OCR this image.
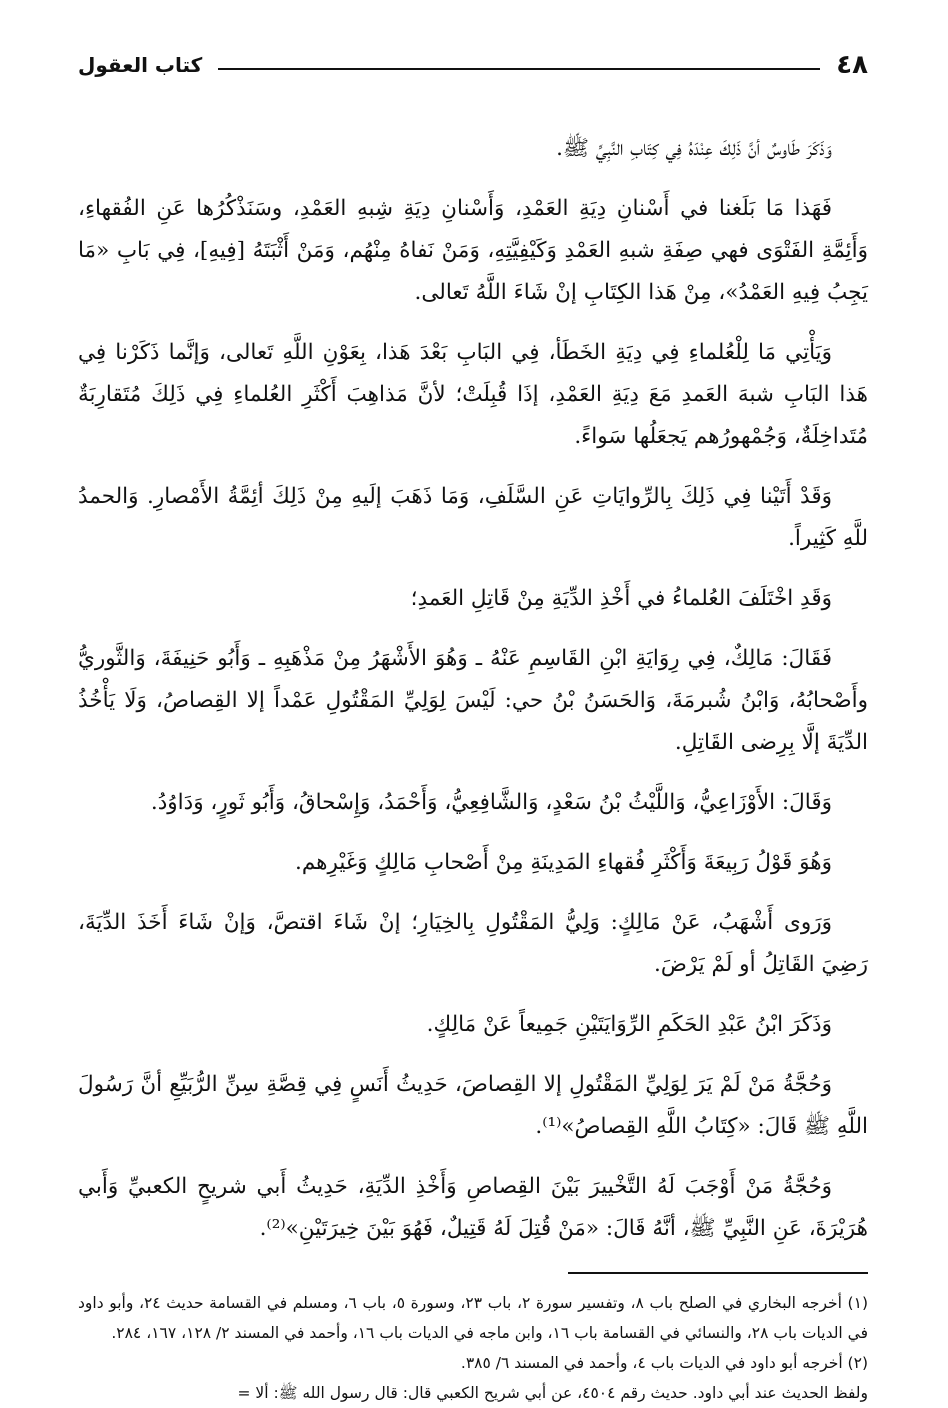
٤٨
كتاب العقول

وَذَكَرَ طَاوسٌ أنَّ ذَلِكَ عِنْدَهُ فِي كِتَابِ النَّبِيِّ ﷺ.

فَهَذا مَا بَلَغنا في أَسْنانِ دِيَةِ العَمْدِ، وَأَسْنانِ دِيَةِ شِبهِ العَمْدِ، وسَنَذْكُرُها عَنِ الفُقهاءِ، وَأَئِمَّةِ الفَتْوَى فهي صِفَةِ شبهِ العَمْدِ وَكَيْفِيَّتِهِ، وَمَنْ نَفاهُ مِنْهُم، وَمَنْ أَثْبَتَهُ [فِيهِ]، فِي بَابِ «مَا يَجِبُ فِيهِ العَمْدُ»، مِنْ هَذا الكِتَابِ إنْ شَاءَ اللَّهُ تَعالى.

وَيَأْتِي مَا لِلْعُلماءِ فِي دِيَةِ الخَطَأ، فِي البَابِ بَعْدَ هَذا، بِعَوْنِ اللَّهِ تَعالى، وَإنَّما ذَكَرْنا فِي هَذا البَابِ شبهَ العَمدِ مَعَ دِيَةِ العَمْدِ، إذَا قُبِلَتْ؛ لأنَّ مَذاهِبَ أَكْثَرِ العُلماءِ فِي ذَلِكَ مُتَقارِبَةٌ مُتَداخِلَةٌ، وَجُمْهورُهم يَجعَلُها سَواءً.

وَقَدْ أَتَيْنا فِي ذَلِكَ بِالرِّوايَاتِ عَنِ السَّلَفِ، وَمَا ذَهَبَ إلَيهِ مِنْ ذَلِكَ أئِمَّةُ الأَمْصارِ. وَالحمدُ للَّهِ كَثِيراً.

وَقَدِ اخْتَلَفَ العُلماءُ في أَخْذِ الدِّيَةِ مِنْ قَاتِلِ العَمدِ؛

فَقَالَ: مَالِكٌ، فِي رِوَايَةِ ابْنِ القَاسِمِ عَنْهُ ـ وَهُوَ الأَشْهَرُ مِنْ مَذْهَبِهِ ـ وَأَبُو حَنِيفَةَ، وَالثَّوريُّ وأَصْحابُهُ، وَابْنُ شُبرمَةَ، وَالحَسَنُ بْنُ حي: لَيْسَ لِوَلِيِّ المَقْتُولِ عَمْداً إلا القِصاصُ، وَلَا يَأْخُذُ الدِّيَةَ إلَّا بِرِضى القَاتِلِ.

وَقَالَ: الأَوْزَاعِيُّ، وَاللَّيْثُ بْنُ سَعْدٍ، وَالشَّافِعِيُّ، وَأَحْمَدُ، وَإِسْحاقُ، وَأَبُو ثَورٍ، وَدَاوُدُ.

وَهُوَ قَوْلُ رَبِيعَةَ وَأَكْثَرِ فُقهاءِ المَدِينَةِ مِنْ أَصْحابِ مَالِكٍ وَغَيْرِهم.

وَرَوى أَشْهَبُ، عَنْ مَالِكٍ: وَلِيُّ المَقْتُولِ بِالخِيَارِ؛ إنْ شَاءَ اقتصَّ، وَإنْ شَاءَ أَخَذَ الدِّيَةَ، رَضِيَ القَاتِلُ أو لَمْ يَرْضَ.

وَذَكَرَ ابْنُ عَبْدِ الحَكَمِ الرِّوَايَتَيْنِ جَمِيعاً عَنْ مَالِكٍ.

وَحُجَّةُ مَنْ لَمْ يَرَ لِوَلِيِّ المَقْتُولِ إلا القِصاصَ، حَدِيثُ أَنَسٍ فِي قِصَّةِ سِنِّ الرُّبَيِّعِ أنَّ رَسُولَ اللَّهِ ﷺ قَالَ: «كِتَابُ اللَّهِ القِصاصُ»⁽¹⁾.

وَحُجَّةُ مَنْ أَوْجَبَ لَهُ التَّخْييرَ بَيْنَ القِصاصِ وَأَخْذِ الدِّيَةِ، حَدِيثُ أَبي شريحٍ الكعبيِّ وَأَبي هُرَيْرَةَ، عَنِ النَّبِيِّ ﷺ، أنَّهُ قَالَ: «مَنْ قُتِلَ لَهُ قَتِيلٌ، فَهُوَ بَيْنَ خِيرَتَيْنِ»⁽²⁾.

(١) أخرجه البخاري في الصلح باب ٨، وتفسير سورة ٢، باب ٢٣، وسورة ٥، باب ٦، ومسلم في القسامة حديث ٢٤، وأبو داود في الديات باب ٢٨، والنسائي في القسامة باب ١٦، وابن ماجه في الديات باب ١٦، وأحمد في المسند ٢/ ١٢٨، ١٦٧، ٢٨٤.

(٢) أخرجه أبو داود في الديات باب ٤، وأحمد في المسند ٦/ ٣٨٥.

ولفظ الحديث عند أبي داود. حديث رقم ٤٥٠٤، عن أبي شريح الكعبي قال: قال رسول الله ﷺ: ألا =
